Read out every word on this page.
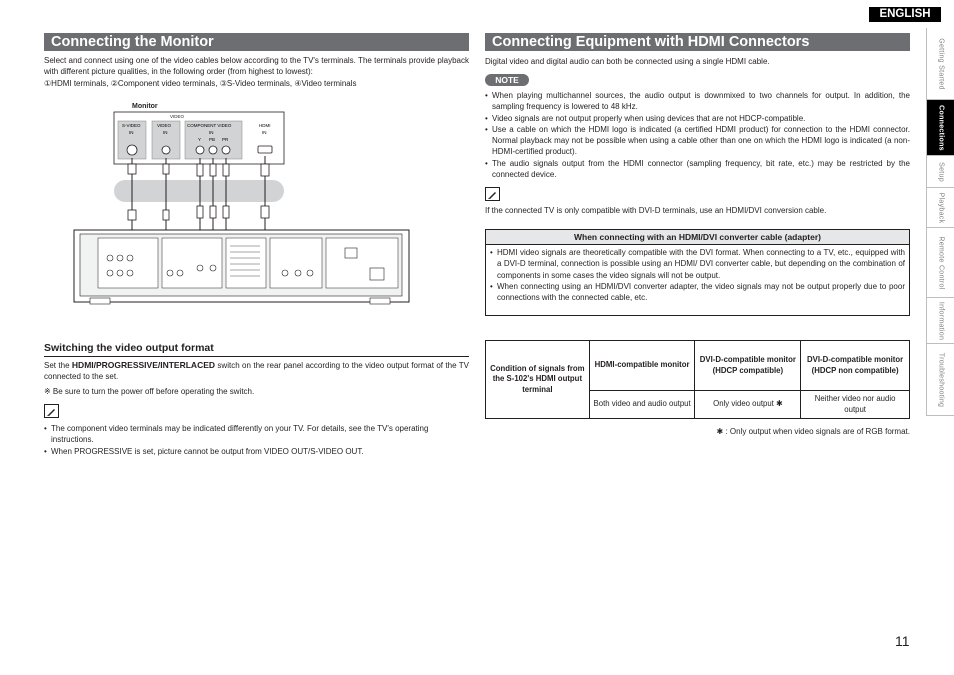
ENGLISH
Connecting the Monitor
Select and connect using one of the video cables below according to the TV's terminals. The terminals provide playback with different picture qualities, in the following order (from highest to lowest):
①HDMI terminals, ②Component video terminals, ③S-Video terminals, ④Video terminals
Monitor
VIDEO
S-VIDEO
IN
VIDEO
IN
COMPONENT VIDEO
IN
Y PB PR
HDMI
IN
Switching the video output format
Set the HDMI/PROGRESSIVE/INTERLACED switch on the rear panel according to the video output format of the TV connected to the set.
※ Be sure to turn the power off before operating the switch.
• The component video terminals may be indicated differently on your TV. For details, see the TV's operating instructions.
• When PROGRESSIVE is set, picture cannot be output from VIDEO OUT/S-VIDEO OUT.
Connecting Equipment with HDMI Connectors
Digital video and digital audio can both be connected using a single HDMI cable.
NOTE
• When playing multichannel sources, the audio output is downmixed to two channels for output. In addition, the sampling frequency is lowered to 48 kHz.
• Video signals are not output properly when using devices that are not HDCP-compatible.
• Use a cable on which the HDMI logo is indicated (a certified HDMI product) for connection to the HDMI connector. Normal playback may not be possible when using a cable other than one on which the HDMI logo is indicated (a non-HDMI-certified product).
• The audio signals output from the HDMI connector (sampling frequency, bit rate, etc.) may be restricted by the connected device.
If the connected TV is only compatible with DVI-D terminals, use an HDMI/DVI conversion cable.
When connecting with an HDMI/DVI converter cable (adapter)
• HDMI video signals are theoretically compatible with the DVI format. When connecting to a TV, etc., equipped with a DVI-D terminal, connection is possible using an HDMI/ DVI converter cable, but depending on the combination of components in some cases the video signals will not be output.
• When connecting using an HDMI/DVI converter adapter, the video signals may not be output properly due to poor connections with the connected cable, etc.
Condition of signals from the S-102's HDMI output terminal	HDMI-compatible monitor	DVI-D-compatible monitor (HDCP compatible)	DVI-D-compatible monitor (HDCP non compatible)
	Both video and audio output	Only video output ✱	Neither video nor audio output
✱ : Only output when video signals are of RGB format.
Getting Started
Connections
Setup
Playback
Remote Control
Information
Troubleshooting
11
